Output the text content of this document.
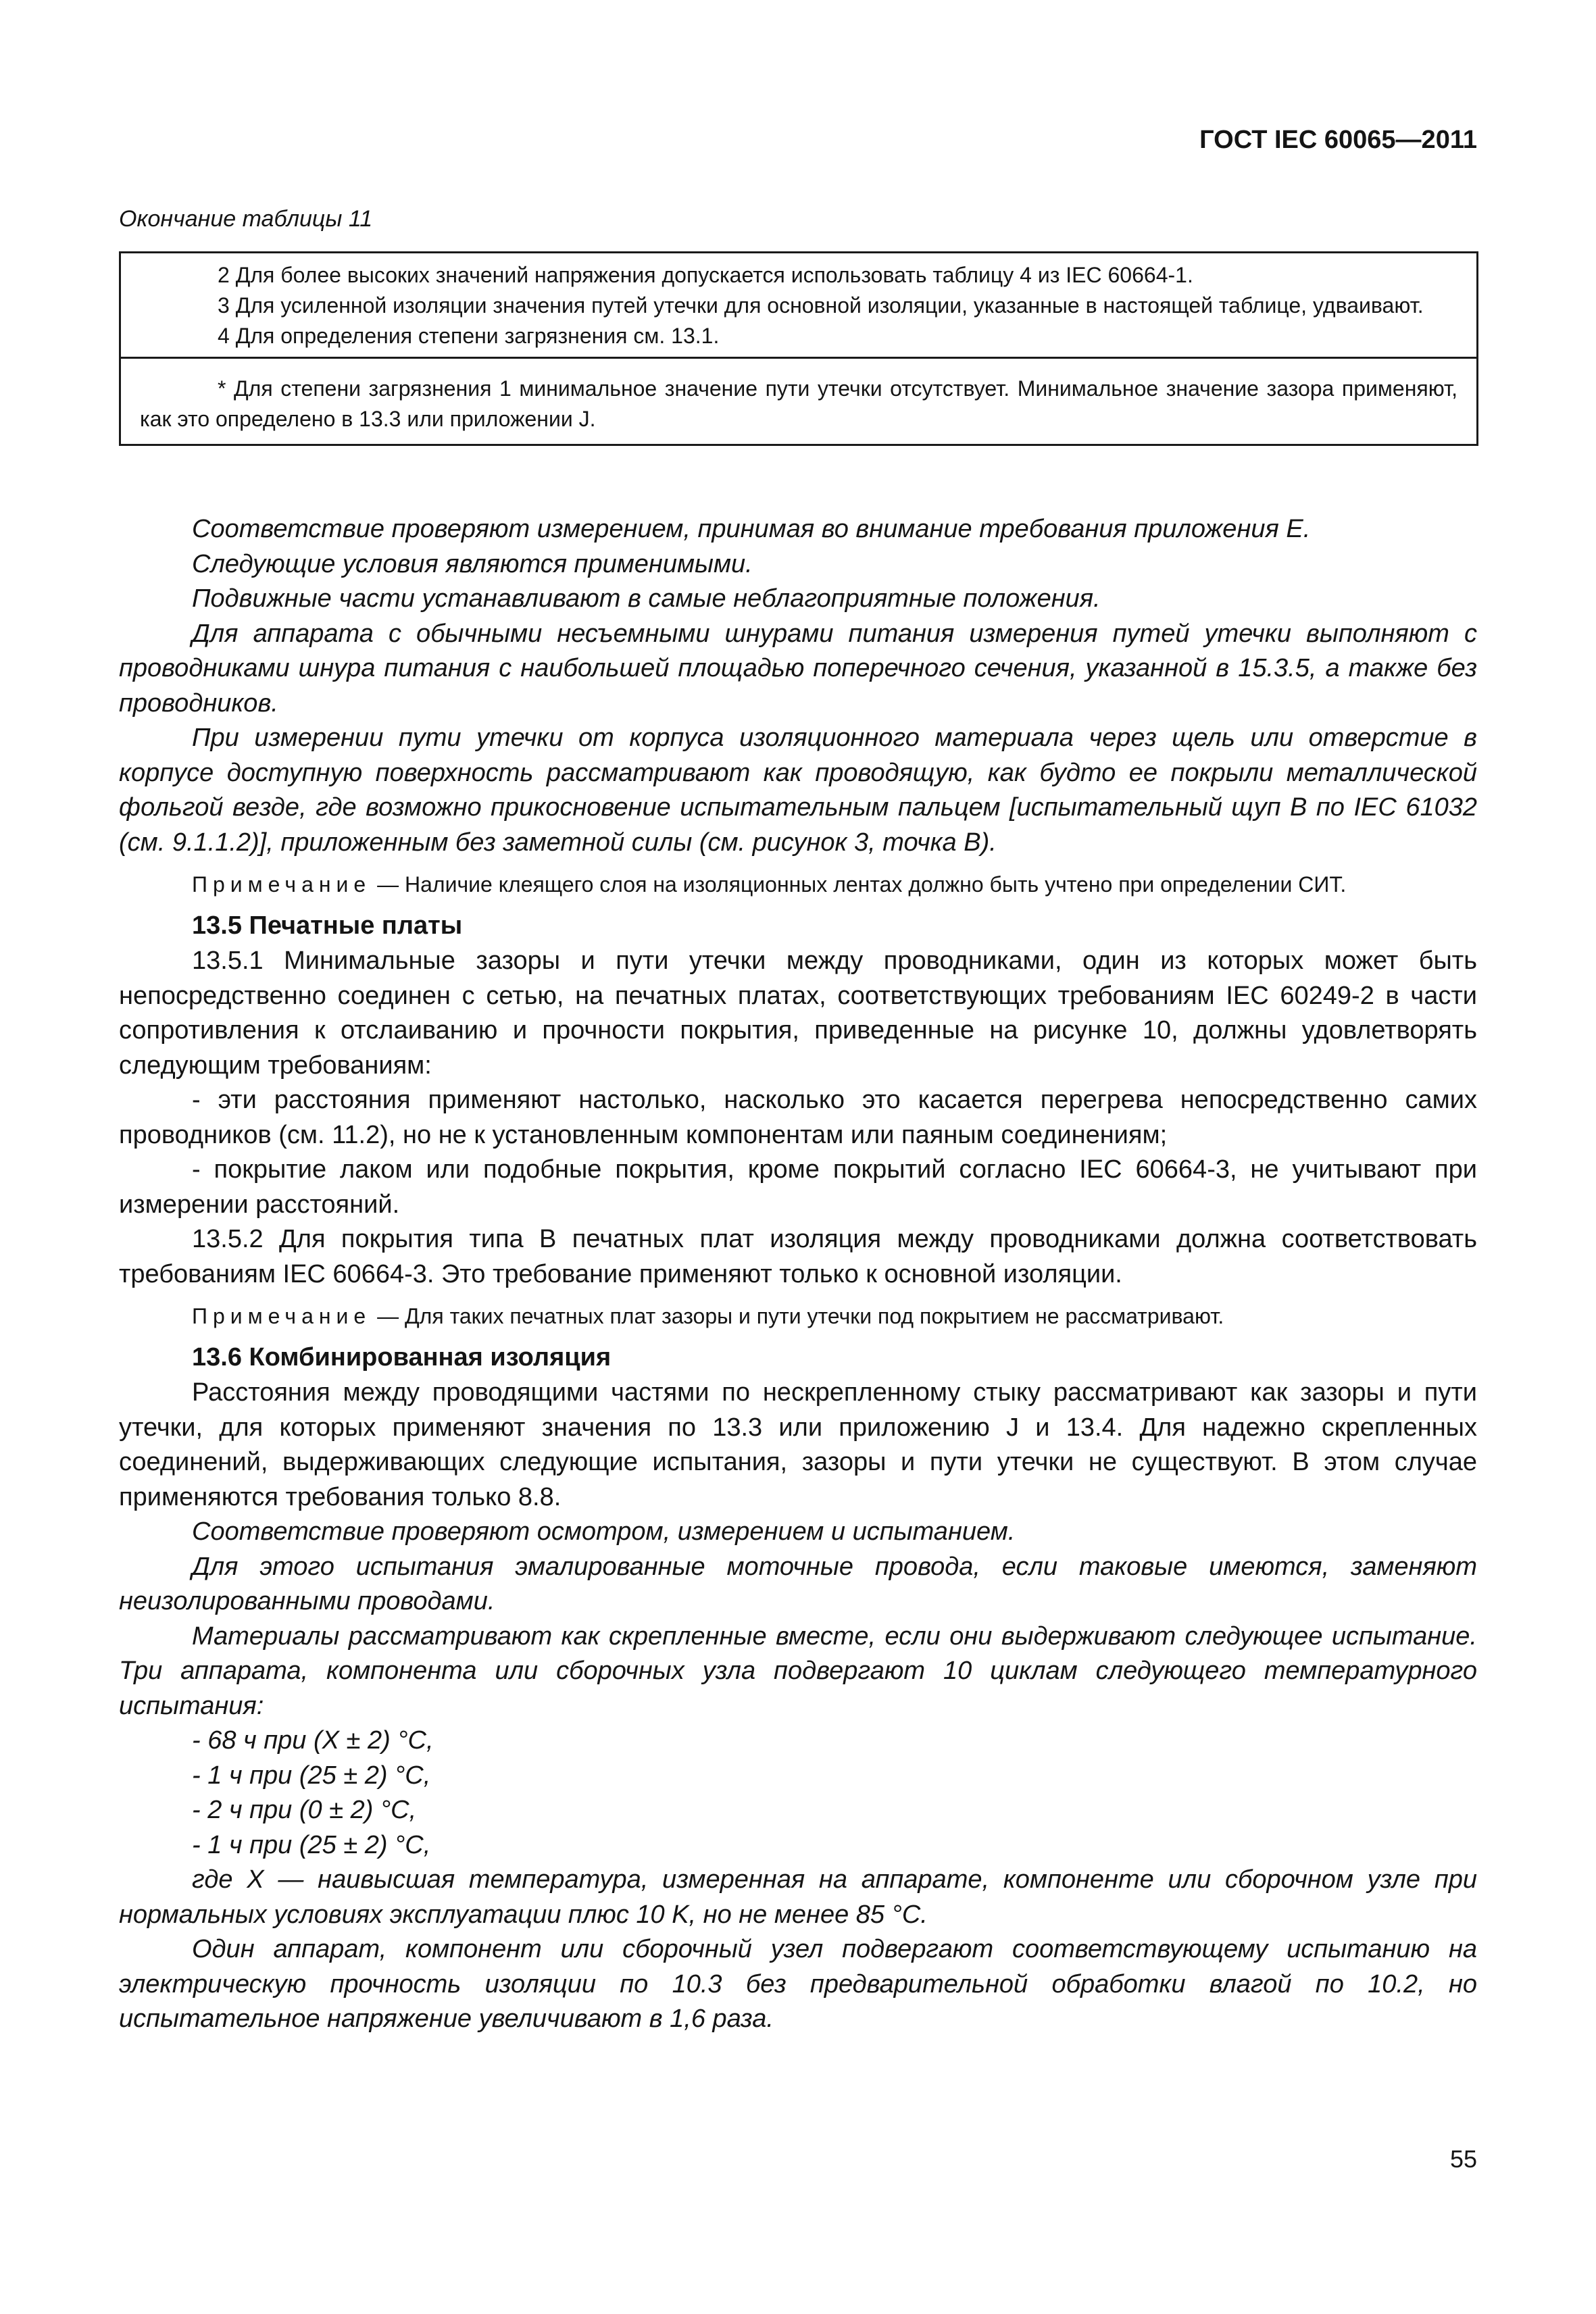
ГОСТ IEC 60065—2011
Окончание таблицы 11

2 Для более высоких значений напряжения допускается использовать таблицу 4 из IEC 60664-1.

3 Для усиленной изоляции значения путей утечки для основной изоляции, указанные в настоящей таблице, удваивают.

4 Для определения степени загрязнения см. 13.1.

* Для степени загрязнения 1 минимальное значение пути утечки отсутствует. Минимальное значение зазора применяют, как это определено в 13.3 или приложении J.

Соответствие проверяют измерением, принимая во внимание требования приложения E.

Следующие условия являются применимыми.

Подвижные части устанавливают в самые неблагоприятные положения.

Для аппарата с обычными несъемными шнурами питания измерения путей утечки выполняют с проводниками шнура питания с наибольшей площадью поперечного сечения, указанной в 15.3.5, а также без проводников.

При измерении пути утечки от корпуса изоляционного материала через щель или отверстие в корпусе доступную поверхность рассматривают как проводящую, как будто ее покрыли металлической фольгой везде, где возможно прикосновение испытательным пальцем [испытательный щуп B по IEC 61032 (см. 9.1.1.2)], приложенным без заметной силы (см. рисунок 3, точка B).

Примечание — Наличие клеящего слоя на изоляционных лентах должно быть учтено при определении СИТ.

13.5 Печатные платы

13.5.1 Минимальные зазоры и пути утечки между проводниками, один из которых может быть непосредственно соединен с сетью, на печатных платах, соответствующих требованиям IEC 60249-2 в части сопротивления к отслаиванию и прочности покрытия, приведенные на рисунке 10, должны удовлетворять следующим требованиям:

- эти расстояния применяют настолько, насколько это касается перегрева непосредственно самих проводников (см. 11.2), но не к установленным компонентам или паяным соединениям;

- покрытие лаком или подобные покрытия, кроме покрытий согласно IEC 60664-3, не учитывают при измерении расстояний.

13.5.2 Для покрытия типа B печатных плат изоляция между проводниками должна соответствовать требованиям IEC 60664-3. Это требование применяют только к основной изоляции.

Примечание — Для таких печатных плат зазоры и пути утечки под покрытием не рассматривают.

13.6 Комбинированная изоляция

Расстояния между проводящими частями по нескрепленному стыку рассматривают как зазоры и пути утечки, для которых применяют значения по 13.3 или приложению J и 13.4. Для надежно скрепленных соединений, выдерживающих следующие испытания, зазоры и пути утечки не существуют. В этом случае применяются требования только 8.8.

Соответствие проверяют осмотром, измерением и испытанием.

Для этого испытания эмалированные моточные провода, если таковые имеются, заменяют неизолированными проводами.

Материалы рассматривают как скрепленные вместе, если они выдерживают следующее испытание. Три аппарата, компонента или сборочных узла подвергают 10 циклам следующего температурного испытания:

- 68 ч при (X ± 2) °C,

- 1 ч при (25 ± 2) °C,

- 2 ч при (0 ± 2) °C,

- 1 ч при (25 ± 2) °C,

где X — наивысшая температура, измеренная на аппарате, компоненте или сборочном узле при нормальных условиях эксплуатации плюс 10 K, но не менее 85 °C.

Один аппарат, компонент или сборочный узел подвергают соответствующему испытанию на электрическую прочность изоляции по 10.3 без предварительной обработки влагой по 10.2, но испытательное напряжение увеличивают в 1,6 раза.

55
